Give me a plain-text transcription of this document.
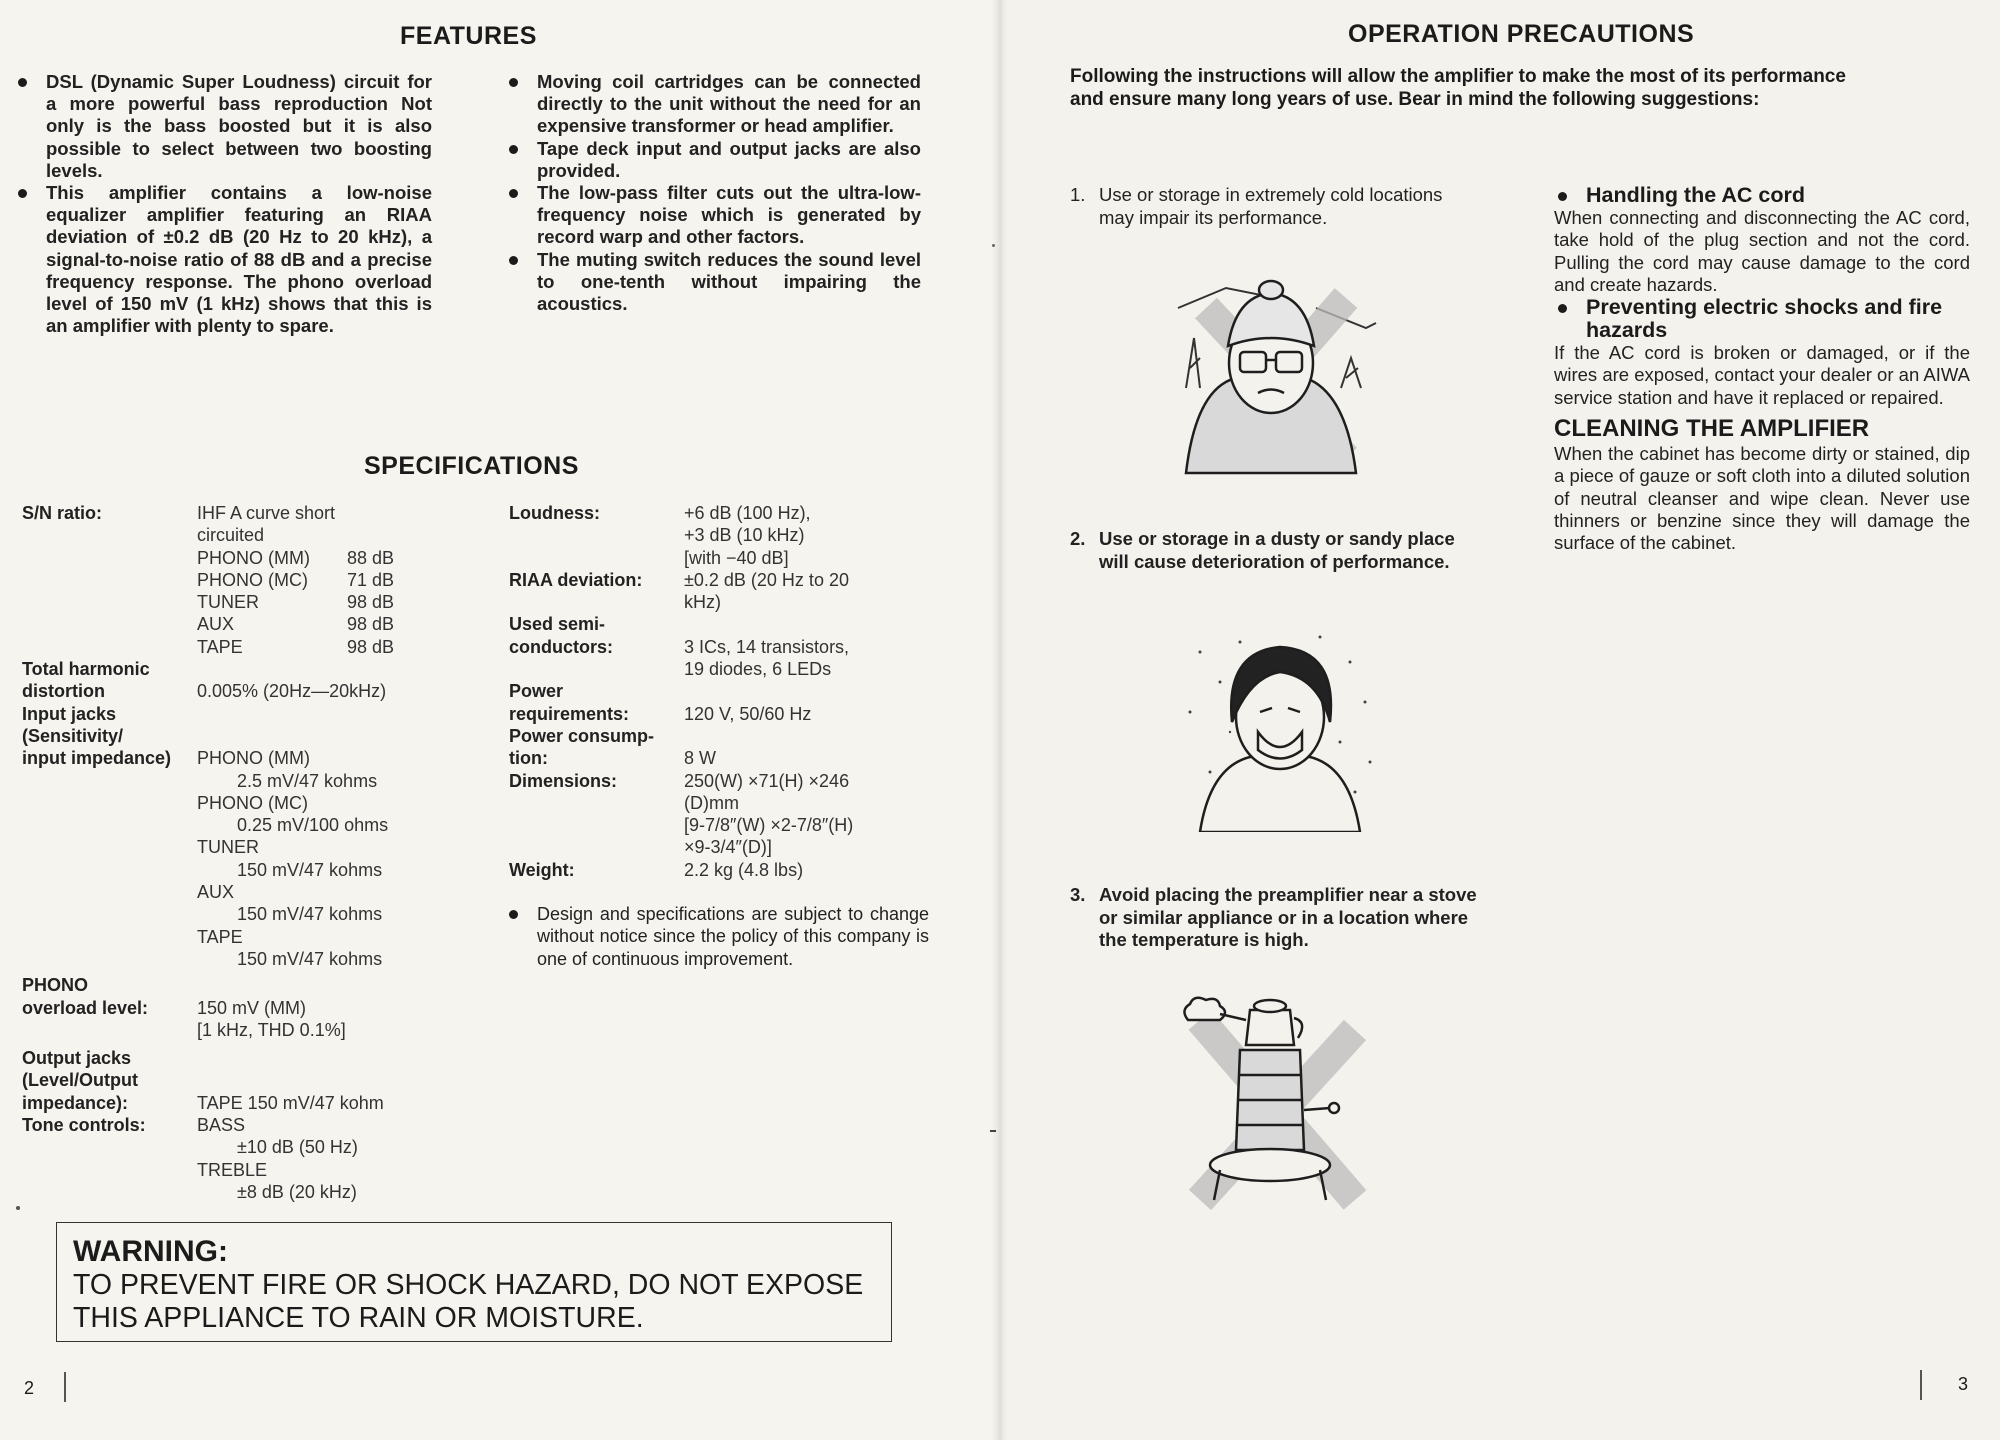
FEATURES
DSL (Dynamic Super Loudness) circuit for a more powerful bass reproduction Not only is the bass boosted but it is also possible to select between two boosting levels.
This amplifier contains a low-noise equalizer amplifier featuring an RIAA deviation of ±0.2 dB (20 Hz to 20 kHz), a signal-to-noise ratio of 88 dB and a precise frequency response. The phono overload level of 150 mV (1 kHz) shows that this is an amplifier with plenty to spare.
Moving coil cartridges can be connected directly to the unit without the need for an expensive transformer or head amplifier.
Tape deck input and output jacks are also provided.
The low-pass filter cuts out the ultra-low-frequency noise which is generated by record warp and other factors.
The muting switch reduces the sound level to one-tenth without impairing the acoustics.
SPECIFICATIONS
S/N ratio:	IHF A curve short
circuited
PHONO (MM)	88 dB
PHONO (MC)	71 dB
TUNER	98 dB
AUX	98 dB
TAPE	98 dB
Total harmonic
distortion	0.005% (20Hz—20kHz)
Input jacks
(Sensitivity/
input impedance)	PHONO (MM)
2.5 mV/47 kohms
PHONO (MC)
0.25 mV/100 ohms
TUNER
150 mV/47 kohms
AUX
150 mV/47 kohms
TAPE
150 mV/47 kohms
PHONO
overload level:	150 mV (MM)
[1 kHz, THD 0.1%]
Output jacks
(Level/Output
impedance):	TAPE 150 mV/47 kohm
Tone controls:	BASS
±10 dB (50 Hz)
TREBLE
±8 dB (20 kHz)
Loudness:	+6 dB (100 Hz),
+3 dB (10 kHz)
[with −40 dB]
RIAA deviation:	±0.2 dB (20 Hz to 20
kHz)
Used semi-
conductors:	3 ICs, 14 transistors,
19 diodes, 6 LEDs
Power
requirements:	120 V, 50/60 Hz
Power consump-
tion:	8 W
Dimensions:	250(W) ×71(H) ×246
(D)mm
[9-7/8″(W) ×2-7/8″(H)
×9-3/4″(D)]
Weight:	2.2 kg (4.8 lbs)
Design and specifications are subject to change without notice since the policy of this company is one of continuous improvement.
WARNING:
TO PREVENT FIRE OR SHOCK HAZARD, DO NOT EXPOSE
THIS APPLIANCE TO RAIN OR MOISTURE.
2
OPERATION PRECAUTIONS
Following the instructions will allow the amplifier to make the most of its performance
and ensure many long years of use. Bear in mind the following suggestions:
1. Use or storage in extremely cold locations
may impair its performance.
2. Use or storage in a dusty or sandy place
will cause deterioration of performance.
3. Avoid placing the preamplifier near a stove
or similar appliance or in a location where
the temperature is high.
Handling the AC cord
When connecting and disconnecting the AC cord, take hold of the plug section and not the cord. Pulling the cord may cause damage to the cord and create hazards.
Preventing electric shocks and fire
hazards
If the AC cord is broken or damaged, or if the wires are exposed, contact your dealer or an AIWA service station and have it replaced or repaired.
CLEANING THE AMPLIFIER
When the cabinet has become dirty or stained, dip a piece of gauze or soft cloth into a diluted solution of neutral cleanser and wipe clean. Never use thinners or benzine since they will damage the surface of the cabinet.
3
